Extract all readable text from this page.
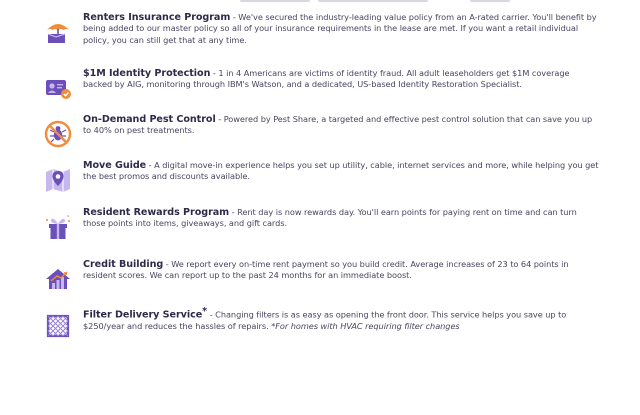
Renters Insurance Program - We've secured the industry-leading value policy from an A-rated carrier. You'll benefit by being added to our master policy so all of your insurance requirements in the lease are met. If you want a retail individual policy, you can still get that at any time.
$1M Identity Protection - 1 in 4 Americans are victims of identity fraud. All adult leaseholders get $1M coverage backed by AIG, monitoring through IBM's Watson, and a dedicated, US-based Identity Restoration Specialist.
On-Demand Pest Control - Powered by Pest Share, a targeted and effective pest control solution that can save you up to 40% on pest treatments.
Move Guide - A digital move-in experience helps you set up utility, cable, internet services and more, while helping you get the best promos and discounts available.
Resident Rewards Program - Rent day is now rewards day. You'll earn points for paying rent on time and can turn those points into items, giveaways, and gift cards.
Credit Building - We report every on-time rent payment so you build credit. Average increases of 23 to 64 points in resident scores. We can report up to the past 24 months for an immediate boost.
Filter Delivery Service* - Changing filters is as easy as opening the front door. This service helps you save up to $250/year and reduces the hassles of repairs. *For homes with HVAC requiring filter changes
